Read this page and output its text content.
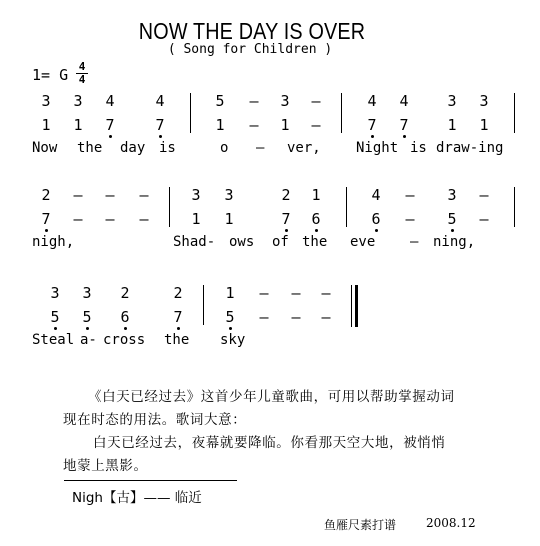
NOW THE DAY IS OVER
( Song for Children )
1= G 4
4
3 3 4	4	5 – 3 –	4 4	3 3
1 1 7	7	1 – 1 –	7 7	1 1
Now the day is	o – ver,	Night is draw-ing
2 – – –	3 3	2 1	4 – 3 –
7 – – –	1 1	7 6	6 – 5 –
nigh,	Shad- ows of the eve – ning,
3 3 2	2	1 – – –
5 5 6	7	5 – – –
Steal a- cross the sky
《白天已经过去》这首少年儿童歌曲，可用以帮助掌握动词
现在时态的用法。歌词大意：
白天已经过去，夜幕就要降临。你看那天空大地，被悄悄
地蒙上黑影。
Nigh【古】—— 临近
鱼雁尺素打谱 2008.12
